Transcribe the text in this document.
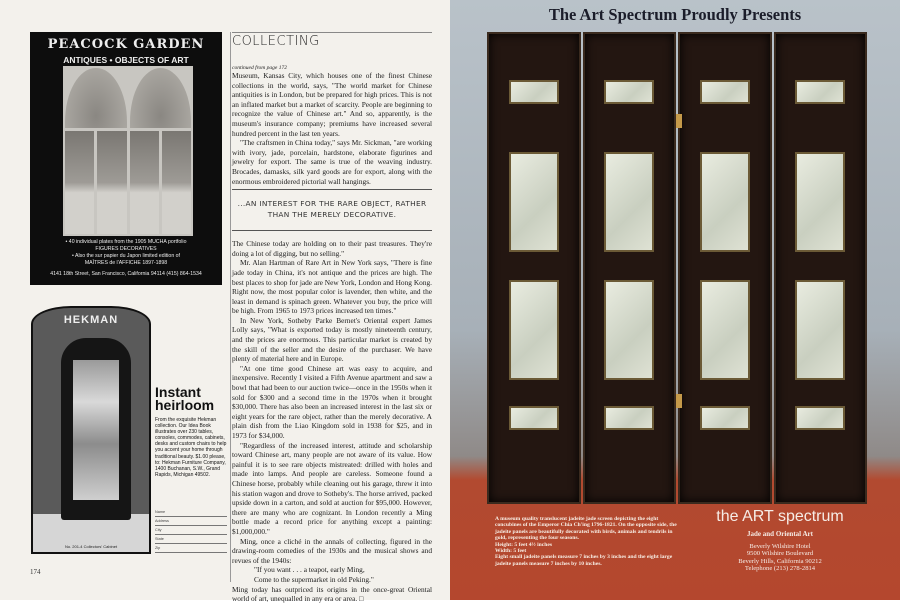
PEACOCK GARDEN
ANTIQUES • OBJECTS OF ART
• 40 individual plates from the 1905 MUCHA portfolio
FIGURES DECORATIVES
• Also the sur papier du Japon limited edition of
MAÎTRES de l'AFFICHE 1897-1898
4141 18th Street, San Francisco, California 94114 (415) 864-1534
HEKMAN
No. 201-4 Collectors' Cabinet
Instant heirloom

From the exquisite Hekman collection. Our Idea Book illustrates over 230 tables, consoles, commodes, cabinets, desks and custom chairs to help you accent your home through traditional beauty. $1.00 please, to: Hekman Furniture Company, 1400 Buchanan, S.W., Grand Rapids, Michigan 49502.

Name
Address
City
State
Zip
174
COLLECTING
continued from page 172

Museum, Kansas City, which houses one of the finest Chinese collections in the world, says, "The world market for Chinese antiquities is in London, but be prepared for high prices. This is not an inflated market but a market of scarcity. People are beginning to recognize the value of Chinese art." And so, apparently, is the museum's insurance company; premiums have increased several hundred percent in the last ten years.

"The craftsmen in China today," says Mr. Sickman, "are working with ivory, jade, porcelain, hardstone, elaborate figurines and jewelry for export. The same is true of the weaving industry. Brocades, damasks, silk yard goods are for export, along with the enormous embroidered pictorial wall hangings.

...AN INTEREST FOR THE RARE OBJECT, RATHER THAN THE MERELY DECORATIVE.

The Chinese today are holding on to their past treasures. They're doing a lot of digging, but no selling."

Mr. Alan Hartman of Rare Art in New York says, "There is fine jade today in China, it's not antique and the prices are high. The best places to shop for jade are New York, London and Hong Kong. Right now, the most popular color is lavender, then white, and the least in demand is spinach green. Whatever you buy, the price will be high. From 1965 to 1973 prices increased ten times."

In New York, Sotheby Parke Bernet's Oriental expert James Lolly says, "What is exported today is mostly nineteenth century, and the prices are enormous. This particular market is created by the skill of the seller and the desire of the purchaser. We have plenty of material here and in Europe.

"At one time good Chinese art was easy to acquire, and inexpensive. Recently I visited a Fifth Avenue apartment and saw a bowl that had been to our auction twice—once in the 1950s when it sold for $300 and a second time in the 1970s when it brought $30,000. There has also been an increased interest in the last six or eight years for the rare object, rather than the merely decorative. A plain dish from the Liao Kingdom sold in 1938 for $25, and in 1973 for $34,000.

"Regardless of the increased interest, attitude and scholarship toward Chinese art, many people are not aware of its value. How painful it is to see rare objects mistreated: drilled with holes and made into lamps. And people are careless. Someone found a Chinese horse, probably while cleaning out his garage, threw it into his station wagon and drove to Sotheby's. The horse arrived, packed upside down in a carton, and sold at auction for $95,000. However, there are many who are cognizant. In London recently a Ming bottle made a record price for anything except a painting: $1,000,000."

Ming, once a cliché in the annals of collecting, figured in the drawing-room comedies of the 1930s and the musical shows and revues of the 1940s:

"If you want . . . a teapot, early Ming,

Come to the supermarket in old Peking."

Ming today has outpriced its origins in the once-great Oriental world of art, unequalled in any era or area. □

The Art Spectrum Proudly Presents
A museum quality translucent jadeite jade screen depicting the eight concubines of the Emperor Chia Ch'ing 1796-1821. On the opposite side, the jadeite panels are beautifully decorated with birds, animals and tendrils in gold, representing the four seasons.
Height: 5 feet 4½ inches
Width: 5 feet
Eight small jadeite panels measure 7 inches by 3 inches and the eight large jadeite panels measure 7 inches by 10 inches.
the ART spectrum
Jade and Oriental Art
Beverly Wilshire Hotel
9500 Wilshire Boulevard
Beverly Hills, California 90212
Telephone (213) 278-2814
